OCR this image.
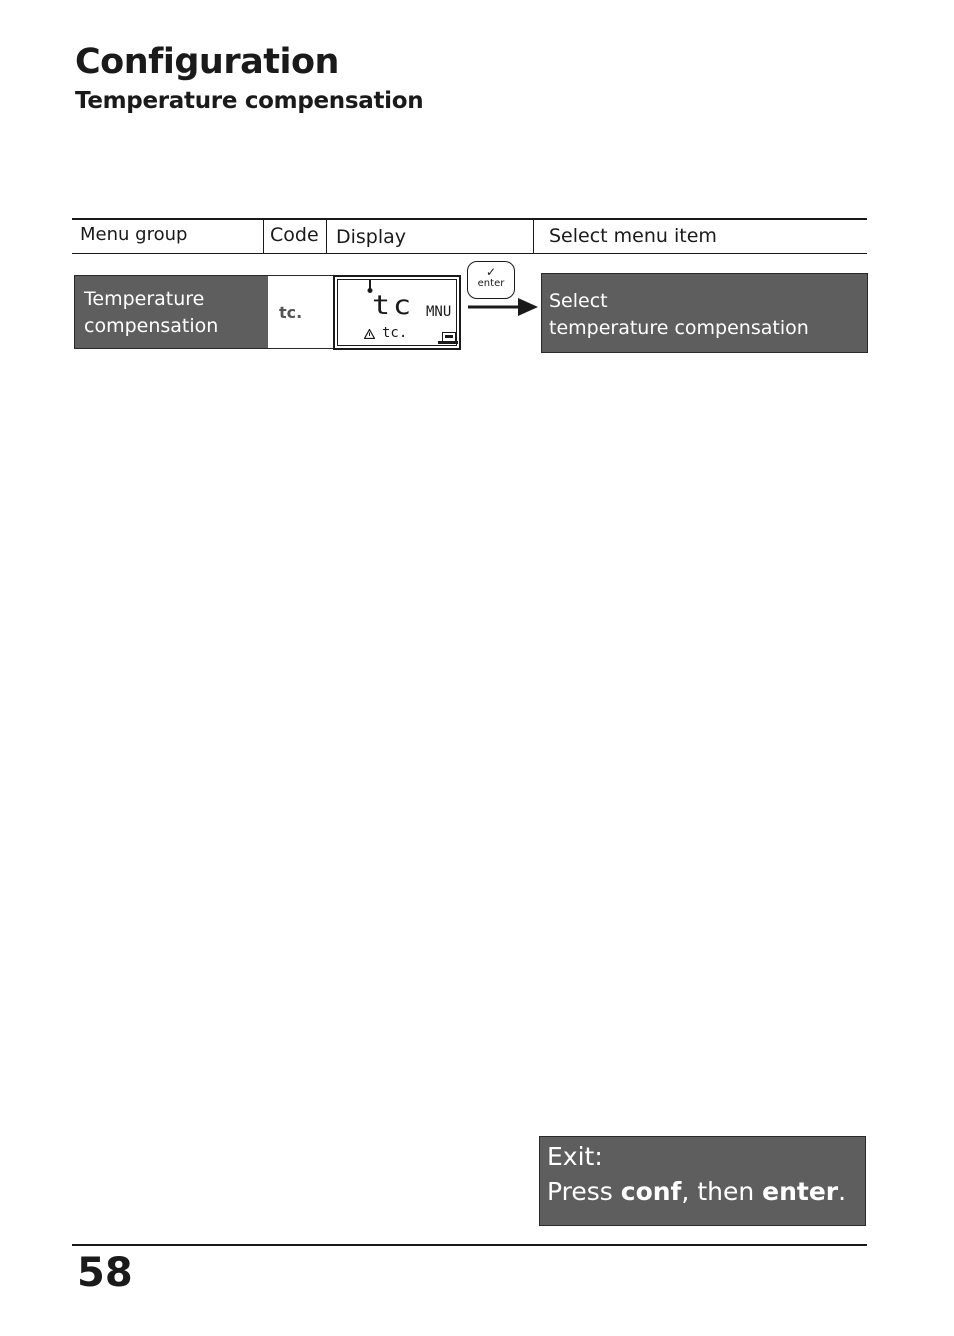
Configuration
Temperature compensation
Menu group	Code Display	Select menu item
Temperature
compensation
tc. tc MNU
tc.
✓
enter
Select
temperature compensation
Exit:
Press conf, then enter.
58
